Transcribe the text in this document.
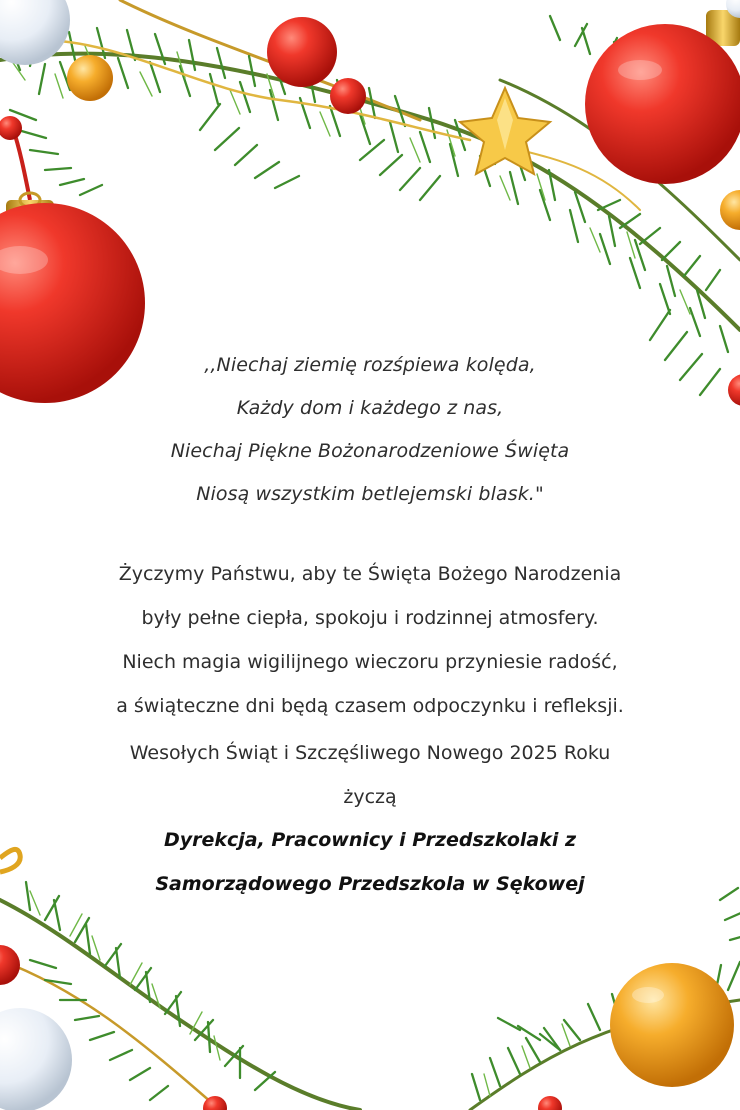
,,Niechaj ziemię rozśpiewa kolęda,
Każdy dom i każdego z nas,
Niechaj Piękne Bożonarodzeniowe Święta
Niosą wszystkim betlejemski blask."
Życzymy Państwu, aby te Święta Bożego Narodzenia
były pełne ciepła, spokoju i rodzinnej atmosfery.
Niech magia wigilijnego wieczoru przyniesie radość,
a świąteczne dni będą czasem odpoczynku i refleksji.
Wesołych Świąt i Szczęśliwego Nowego 2025 Roku
życzą
Dyrekcja, Pracownicy i Przedszkolaki z
Samorządowego Przedszkola w Sękowej
